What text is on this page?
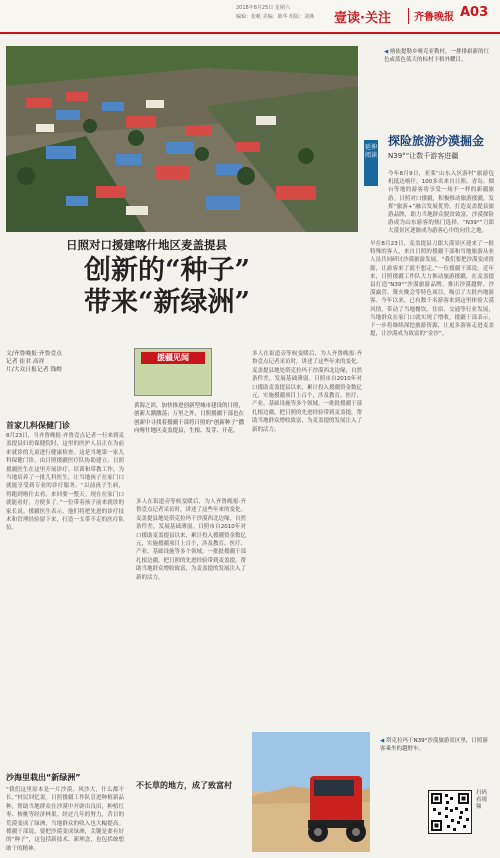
2018年8月25日 星期六
编辑：张帆 美编：陈华 组版：刘燕 壹读·关注 齐鲁晚报 A03
◀ 喀依提勒乡喀克亚勒村，一排排崭新的红色或蓝色蓝天的棕村下格外耀目。
延伸阅读
探险旅游沙漠掘金
N39°”让数千游客进疆
今年8月9日，亚莱“山东入区游村”旅游包机抵达喀什，100多名来自日照、青岛、烟台等地的游客将享受一场不一样的新疆旅游。日照对口援疆，积极推动旅游援疆，发挥“旅游+”融合发展优势，打造麦盖提县旅游品牌，助力当地群众脱贫致富。沙漠探险游成为山东游客的热门选择，“N39°”刀郎大漠景区逐渐成为游客心中的向往之地。
日照对口援建喀什地区麦盖提县
创新的“种子”
带来“新绿洲”
文/齐鲁晚报·齐鲁壹点
记者 崔君 高祥
片/大众日报记者 钱娉
援疆见闻
黄海之滨，加快推进创新型城市建设的日照，创新大潮激荡；万里之外，日照援疆干部也在创新中寻找着援疆干部将日照的“创新种子”撒向喀什地区麦盖提县，生根、发芽、开花。
首家儿科保健门诊
8月23日，当齐鲁晚报·齐鲁壹点记者一行来到麦盖提县妇幼保健院时，这里的医护人员正在为前来就诊的儿童进行健康检查。这是当地第一家儿科保健门诊，由日照援疆医疗队协助建立。日照援疆医生在这里开展诊疗、培训和带教工作，为当地培养了一批儿科医生，让当地孩子在家门口就能享受到专业的诊疗服务。“以前孩子生病，得跑到喀什去看，来回要一整天。现在在家门口就能看好，方便多了。”一位带着孩子前来就诊的家长说。援疆医生表示，他们将把先进的诊疗技术和管理经验留下来，打造一支带不走的医疗队伍。
沙海里栽出“新绿洲”
“我们这里原本是一片沙漠，风沙大，什么都不长。”村民回忆说。日照援疆工作队引进种植新品种，帮助当地群众在沙漠中开辟出良田，种植红枣、核桃等经济林果。经过几年的努力，昔日的荒漠变成了绿洲，当地群众的收入也大幅提高。援疆干部说，要把沙漠变成绿洲，关键是要有好的“种子”，这包括新技术、新理念，也包括敢想敢干的精神。
多人在街道旁等候变暖后，为人齐鲁晚报·齐鲁壹点记者采访时，讲述了这些年来的变化。麦盖提县地处塔克拉玛干沙漠西北边缘，自然条件差，发展基础薄弱。日照市自2010年对口援助麦盖提县以来，累计投入援疆资金数亿元，实施援疆项目上百个，涉及教育、医疗、产业、基础设施等多个领域。一批批援疆干部扎根边疆，把日照的先进经验带到麦盖提，帮助当地群众增收致富，为麦盖提的发展注入了新的活力。
不长草的地方，成了致富村
多人在街道旁等候变暖后，为人齐鲁晚报·齐鲁壹点记者采访时，讲述了这些年来的变化。麦盖提县地处塔克拉玛干沙漠西北边缘，自然条件差，发展基础薄弱。日照市自2010年对口援助麦盖提县以来，累计投入援疆资金数亿元，实施援疆项目上百个，涉及教育、医疗、产业、基础设施等多个领域。一批批援疆干部扎根边疆，把日照的先进经验带到麦盖提，帮助当地群众增收致富，为麦盖提的发展注入了新的活力。
早在8月23日，麦盖提县刀郎大漠景区迎来了一批特殊的客人，来自日照的援疆干部和当地旅游从业人员共同研讨沙漠旅游发展。“我们要把沙漠变成资源，让游客来了就不想走。”一位援疆干部说。近年来，日照援疆工作队大力推动旅游援疆，在麦盖提县打造“N39°”沙漠旅游品牌，推出沙漠越野、沙漠露营、篝火晚会等特色项目，吸引了大批内地游客。今年以来，已有数千名游客来到这里体验大漠风情，带动了当地餐饮、住宿、交通等行业发展，当地群众在家门口就实现了增收。援疆干部表示，下一步将继续深挖旅游资源，让更多游客走进麦盖提，让沙漠成为致富的“金沙”。
◀ 塔克拉玛干N39°沙漠旅游景区里，日照游客乘坐的越野车。
扫码看视频
